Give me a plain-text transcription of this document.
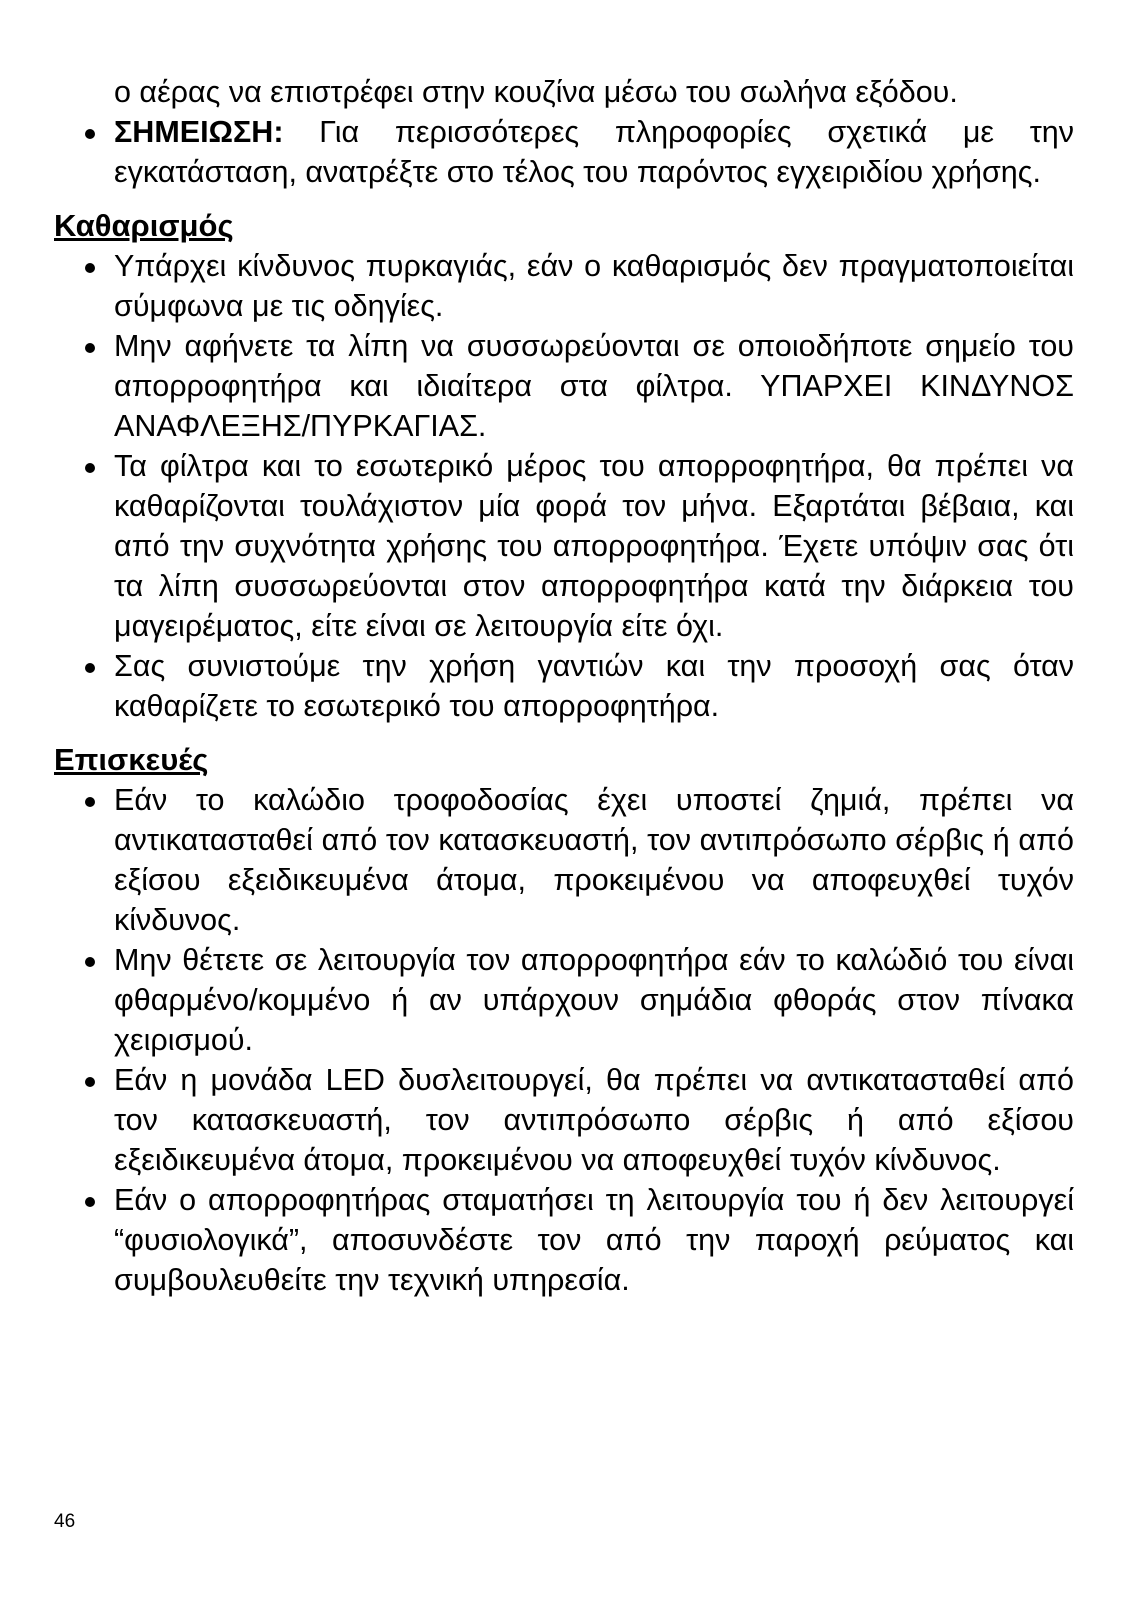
ο αέρας να επιστρέφει στην κουζίνα μέσω του σωλήνα εξόδου.

ΣΗΜΕΙΩΣΗ: Για περισσότερες πληροφορίες σχετικά με την εγκατάσταση, ανατρέξτε στο τέλος του παρόντος εγχειριδίου χρήσης.
Καθαρισμός
Υπάρχει κίνδυνος πυρκαγιάς, εάν ο καθαρισμός δεν πραγματοποιείται σύμφωνα με τις οδηγίες.
Μην αφήνετε τα λίπη να συσσωρεύονται σε οποιοδήποτε σημείο του απορροφητήρα και ιδιαίτερα στα φίλτρα. ΥΠΑΡΧΕΙ ΚΙΝΔΥΝΟΣ ΑΝΑΦΛΕΞΗΣ/ΠΥΡΚΑΓΙΑΣ.
Τα φίλτρα και το εσωτερικό μέρος του απορροφητήρα, θα πρέπει να καθαρίζονται τουλάχιστον μία φορά τον μήνα. Εξαρτάται βέβαια, και από την συχνότητα χρήσης του απορροφητήρα. Έχετε υπόψιν σας ότι τα λίπη συσσωρεύονται στον απορροφητήρα κατά την διάρκεια του μαγειρέματος, είτε είναι σε λειτουργία είτε όχι.
Σας συνιστούμε την χρήση γαντιών και την προσοχή σας όταν καθαρίζετε το εσωτερικό του απορροφητήρα.
Επισκευές
Εάν το καλώδιο τροφοδοσίας έχει υποστεί ζημιά, πρέπει να αντικατασταθεί από τον κατασκευαστή, τον αντιπρόσωπο σέρβις ή από εξίσου εξειδικευμένα άτομα, προκειμένου να αποφευχθεί τυχόν κίνδυνος.
Μην θέτετε σε λειτουργία τον απορροφητήρα εάν το καλώδιό του είναι φθαρμένο/κομμένο ή αν υπάρχουν σημάδια φθοράς στον πίνακα χειρισμού.
Εάν η μονάδα LED δυσλειτουργεί, θα πρέπει να αντικατασταθεί από τον κατασκευαστή, τον αντιπρόσωπο σέρβις ή από εξίσου εξειδικευμένα άτομα, προκειμένου να αποφευχθεί τυχόν κίνδυνος.
Εάν ο απορροφητήρας σταματήσει τη λειτουργία του ή δεν λειτουργεί “φυσιολογικά”, αποσυνδέστε τον από την παροχή ρεύματος και συμβουλευθείτε την τεχνική υπηρεσία.
46
